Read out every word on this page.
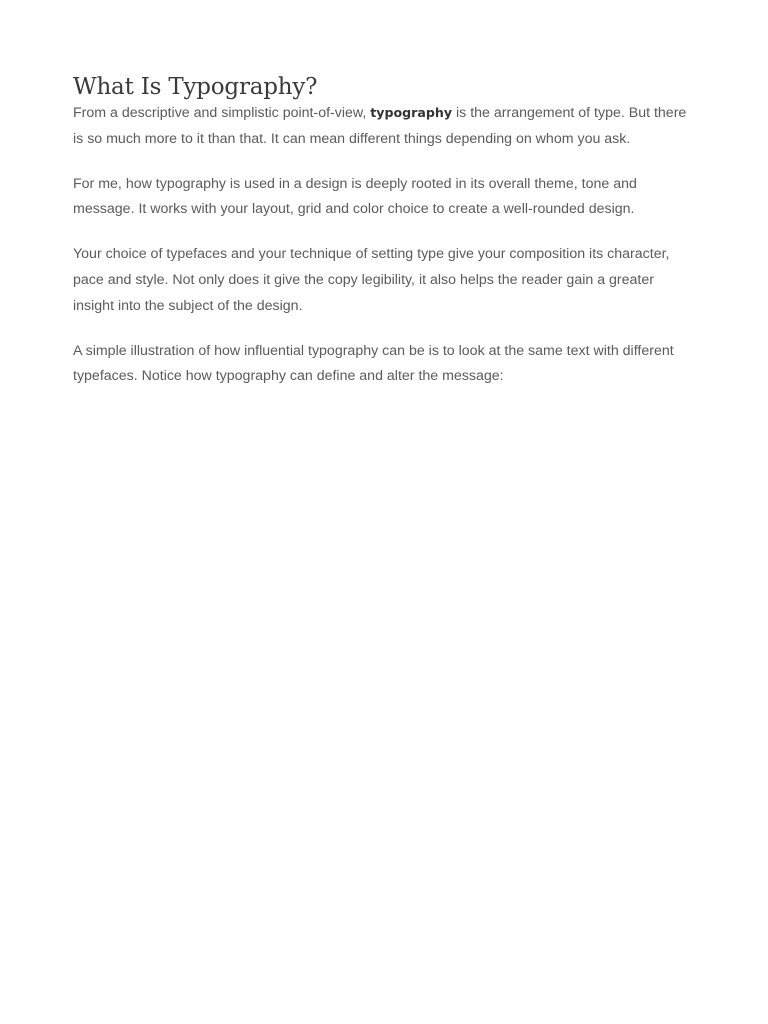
What Is Typography?

From a descriptive and simplistic point-of-view, typography is the arrangement of type. But there is so much more to it than that. It can mean different things depending on whom you ask.

For me, how typography is used in a design is deeply rooted in its overall theme, tone and message. It works with your layout, grid and color choice to create a well-rounded design.

Your choice of typefaces and your technique of setting type give your composition its character, pace and style. Not only does it give the copy legibility, it also helps the reader gain a greater insight into the subject of the design.

A simple illustration of how influential typography can be is to look at the same text with different typefaces. Notice how typography can define and alter the message:
